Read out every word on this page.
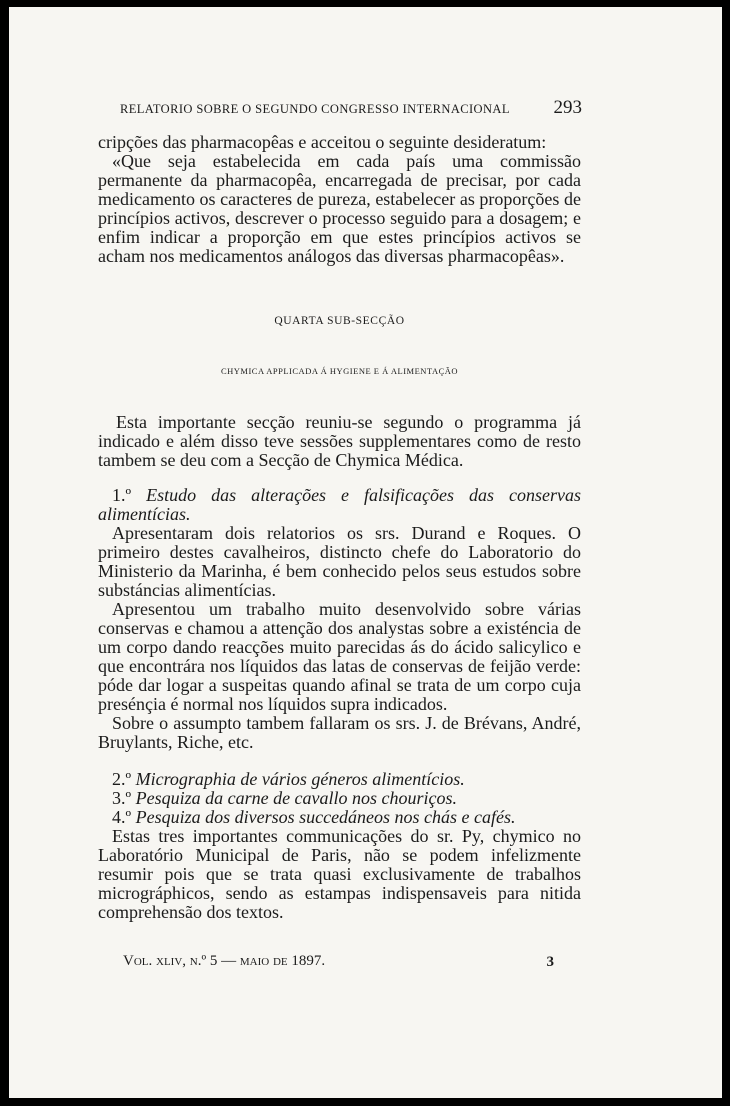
RELATORIO SOBRE O SEGUNDO CONGRESSO INTERNACIONAL 293

cripções das pharmacopêas e acceitou o seguinte desideratum:

«Que seja estabelecida em cada país uma commissão permanente da pharmacopêa, encarregada de precisar, por cada medicamento os caracteres de pureza, estabelecer as proporções de princípios activos, descrever o processo seguido para a dosagem; e enfim indicar a proporção em que estes princípios activos se acham nos medicamentos análogos das diversas pharmacopêas».

QUARTA SUB-SECÇÃO
CHYMICA APPLICADA Á HYGIENE E Á ALIMENTAÇÃO

Esta importante secção reuniu-se segundo o programma já indicado e além disso teve sessões supplementares como de resto tambem se deu com a Secção de Chymica Médica.

1.º Estudo das alterações e falsificações das conservas alimentícias.

Apresentaram dois relatorios os srs. Durand e Roques. O primeiro destes cavalheiros, distincto chefe do Laboratorio do Ministerio da Marinha, é bem conhecido pelos seus estudos sobre substáncias alimentícias.

Apresentou um trabalho muito desenvolvido sobre várias conservas e chamou a attenção dos analystas sobre a existéncia de um corpo dando reacções muito parecidas ás do ácido salicylico e que encontrára nos líquidos das latas de conservas de feijão verde: póde dar logar a suspeitas quando afinal se trata de um corpo cuja presénçia é normal nos líquidos supra indicados.

Sobre o assumpto tambem fallaram os srs. J. de Brévans, André, Bruylants, Riche, etc.

2.º Micrographia de vários géneros alimentícios.

3.º Pesquiza da carne de cavallo nos chouriços.

4.º Pesquiza dos diversos succedáneos nos chás e cafés.

Estas tres importantes communicações do sr. Py, chymico no Laboratório Municipal de Paris, não se podem infelizmente resumir pois que se trata quasi exclusivamente de trabalhos micrográphicos, sendo as estampas indispensaveis para nitida comprehensão dos textos.

Vol. xliv, n.º 5 — maio de 1897.	3
